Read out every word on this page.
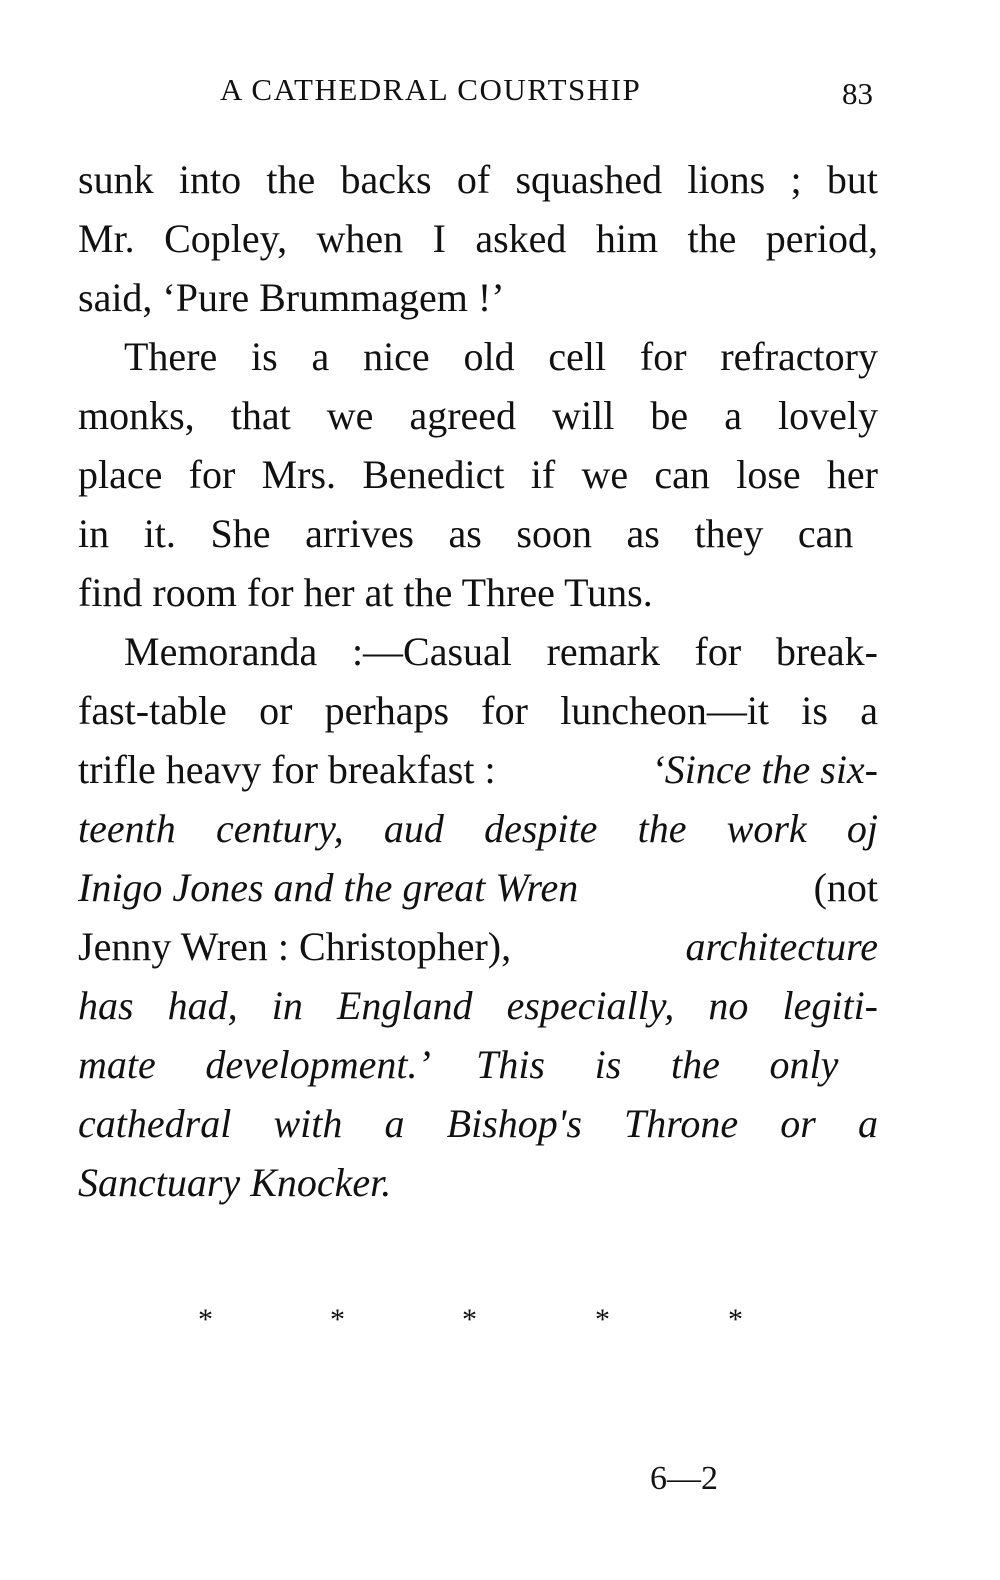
A CATHEDRAL COURTSHIP	83
sunk into the backs of squashed lions ; but
Mr. Copley, when I asked him the period,
said, ‘Pure Brummagem !’
There is a nice old cell for refractory
monks, that we agreed will be a lovely
place for Mrs. Benedict if we can lose her
in it. She arrives as soon as they can
find room for her at the Three Tuns.
Memoranda :—Casual remark for break-
fast-table or perhaps for luncheon—it is a
trifle heavy for breakfast :	‘Since the six-
teenth century, aud despite the work oj
Inigo Jones and the great Wren	(not
Jenny Wren : Christopher),	architecture
has had, in England especially, no legiti-
mate development.’ This is the only
cathedral with a Bishop's Throne or a
Sanctuary Knocker.
*	*	*	*	*
6—2
